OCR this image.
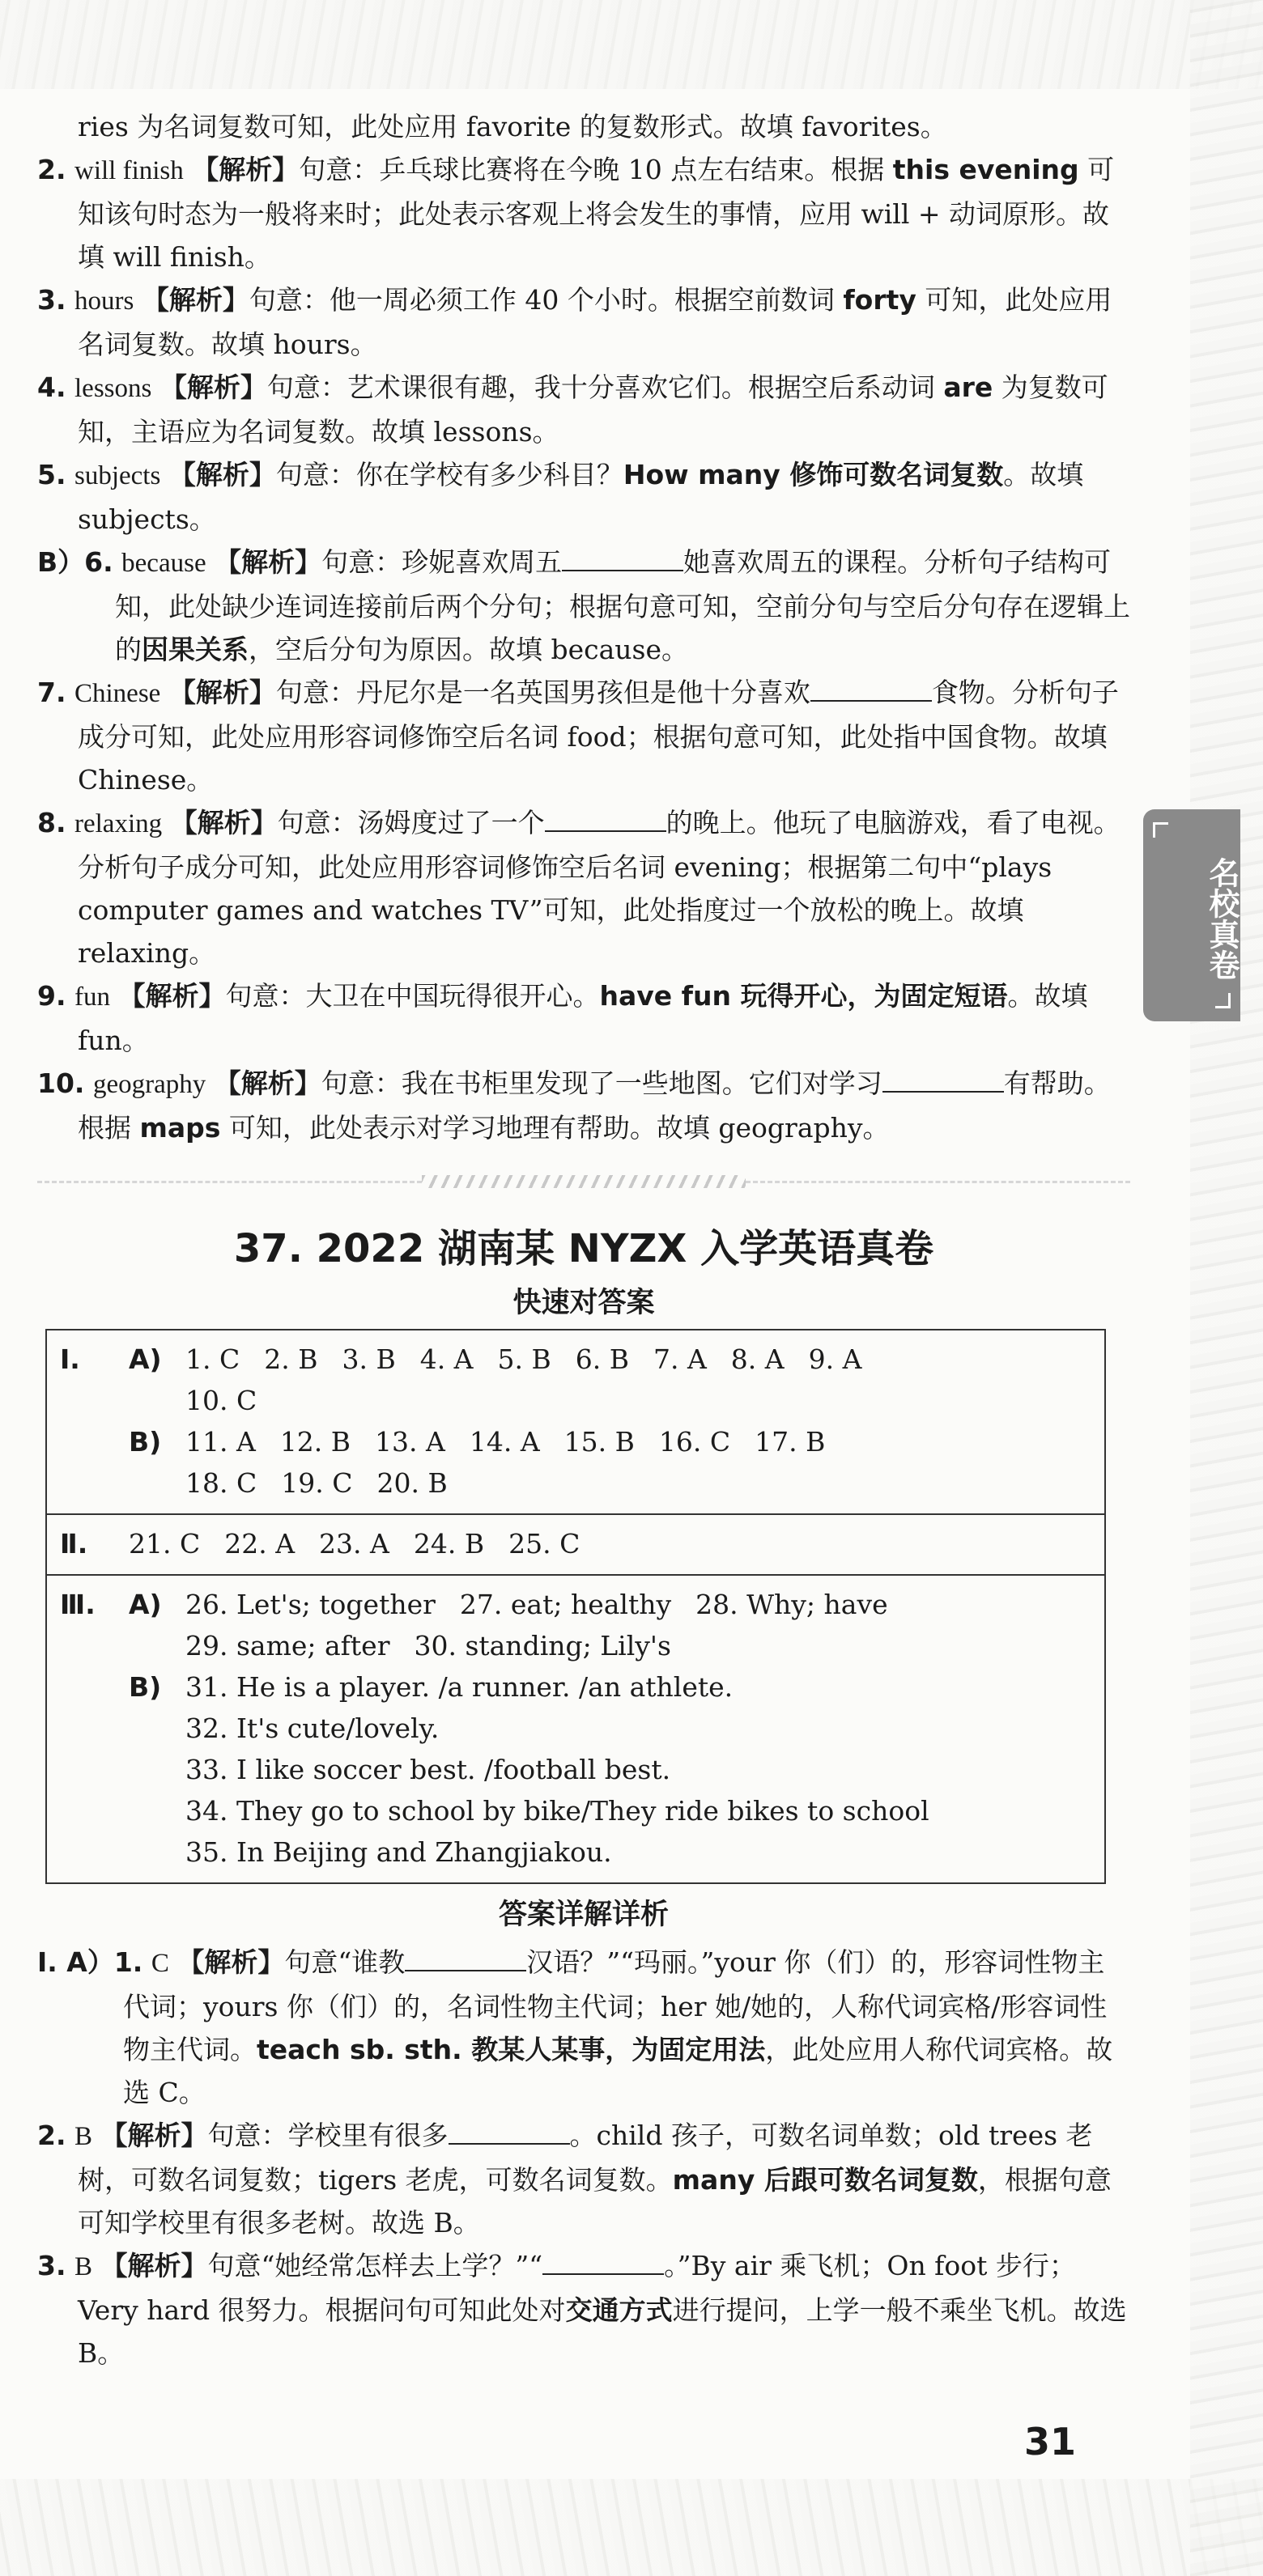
名校真卷

ries 为名词复数可知，此处应用 favorite 的复数形式。故填 favorites。

2. will finish 【解析】句意：乒乓球比赛将在今晚 10 点左右结束。根据 this evening 可知该句时态为一般将来时；此处表示客观上将会发生的事情，应用 will + 动词原形。故填 will finish。

3. hours 【解析】句意：他一周必须工作 40 个小时。根据空前数词 forty 可知，此处应用名词复数。故填 hours。

4. lessons 【解析】句意：艺术课很有趣，我十分喜欢它们。根据空后系动词 are 为复数可知，主语应为名词复数。故填 lessons。

5. subjects 【解析】句意：你在学校有多少科目？How many 修饰可数名词复数。故填 subjects。

B）6. because 【解析】句意：珍妮喜欢周五	她喜欢周五的课程。分析句子结构可知，此处缺少连词连接前后两个分句；根据句意可知，空前分句与空后分句存在逻辑上的因果关系，空后分句为原因。故填 because。

7. Chinese 【解析】句意：丹尼尔是一名英国男孩但是他十分喜欢	食物。分析句子成分可知，此处应用形容词修饰空后名词 food；根据句意可知，此处指中国食物。故填 Chinese。

8. relaxing 【解析】句意：汤姆度过了一个	的晚上。他玩了电脑游戏，看了电视。分析句子成分可知，此处应用形容词修饰空后名词 evening；根据第二句中“plays computer games and watches TV”可知，此处指度过一个放松的晚上。故填 relaxing。

9. fun 【解析】句意：大卫在中国玩得很开心。have fun 玩得开心，为固定短语。故填 fun。

10. geography 【解析】句意：我在书柜里发现了一些地图。它们对学习	有帮助。根据 maps 可知，此处表示对学习地理有帮助。故填 geography。

37. 2022 湖南某 NYZX 入学英语真卷
快速对答案
Ⅰ.	A) 1. C 2. B 3. B 4. A 5. B 6. B 7. A 8. A 9. A
10. C
B) 11. A 12. B 13. A 14. A 15. B 16. C 17. B
18. C 19. C 20. B
Ⅱ.	21. C 22. A 23. A 24. B 25. C
Ⅲ.	A) 26. Let's; together 27. eat; healthy 28. Why; have
29. same; after 30. standing; Lily's
B) 31. He is a player. /a runner. /an athlete.
32. It's cute/lovely.
33. I like soccer best. /football best.
34. They go to school by bike/They ride bikes to school
35. In Beijing and Zhangjiakou.
答案详解详析

Ⅰ. A）1. C 【解析】句意“谁教	汉语？”“玛丽。”your 你（们）的，形容词性物主代词；yours 你（们）的，名词性物主代词；her 她/她的，人称代词宾格/形容词性物主代词。teach sb. sth. 教某人某事，为固定用法，此处应用人称代词宾格。故选 C。

2. B 【解析】句意：学校里有很多	。child 孩子，可数名词单数；old trees 老树，可数名词复数；tigers 老虎，可数名词复数。many 后跟可数名词复数，根据句意可知学校里有很多老树。故选 B。

3. B 【解析】句意“她经常怎样去上学？”“	。”By air 乘飞机；On foot 步行；Very hard 很努力。根据问句可知此处对交通方式进行提问，上学一般不乘坐飞机。故选 B。

31
